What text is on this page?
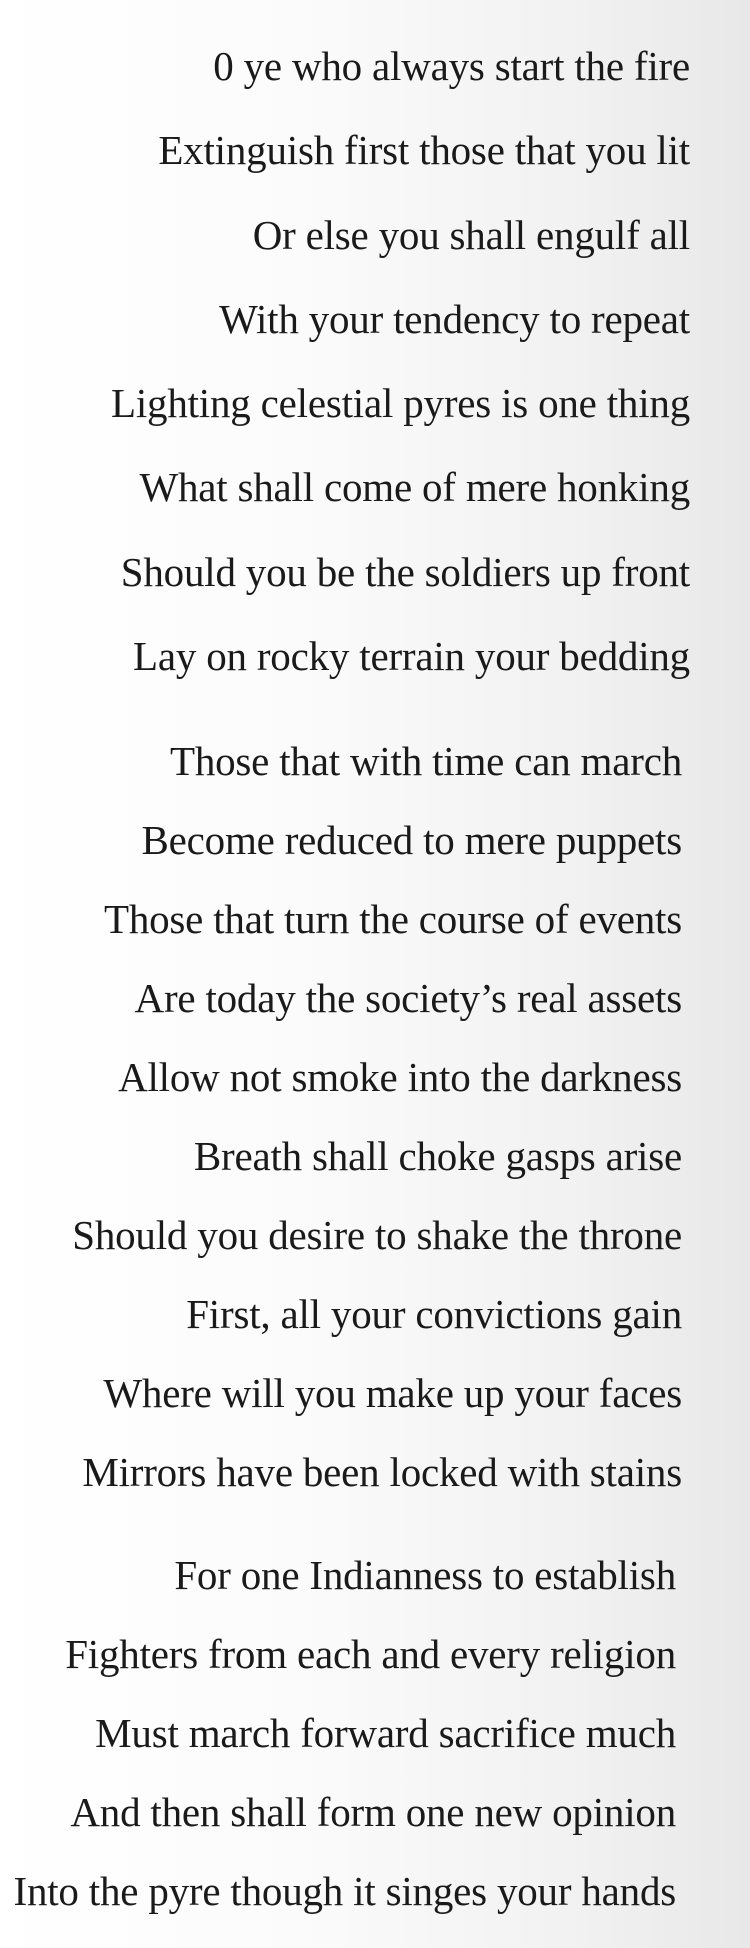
0 ye who always start the fire
Extinguish first those that you lit
Or else you shall engulf all
With your tendency to repeat
Lighting celestial pyres is one thing
What shall come of mere honking
Should you be the soldiers up front
Lay on rocky terrain your bedding
Those that with time can march
Become reduced to mere puppets
Those that turn the course of events
Are today the society’s real assets
Allow not smoke into the darkness
Breath shall choke gasps arise
Should you desire to shake the throne
First, all your convictions gain
Where will you make up your faces
Mirrors have been locked with stains
For one Indianness to establish
Fighters from each and every religion
Must march forward sacrifice much
And then shall form one new opinion
Into the pyre though it singes your hands
